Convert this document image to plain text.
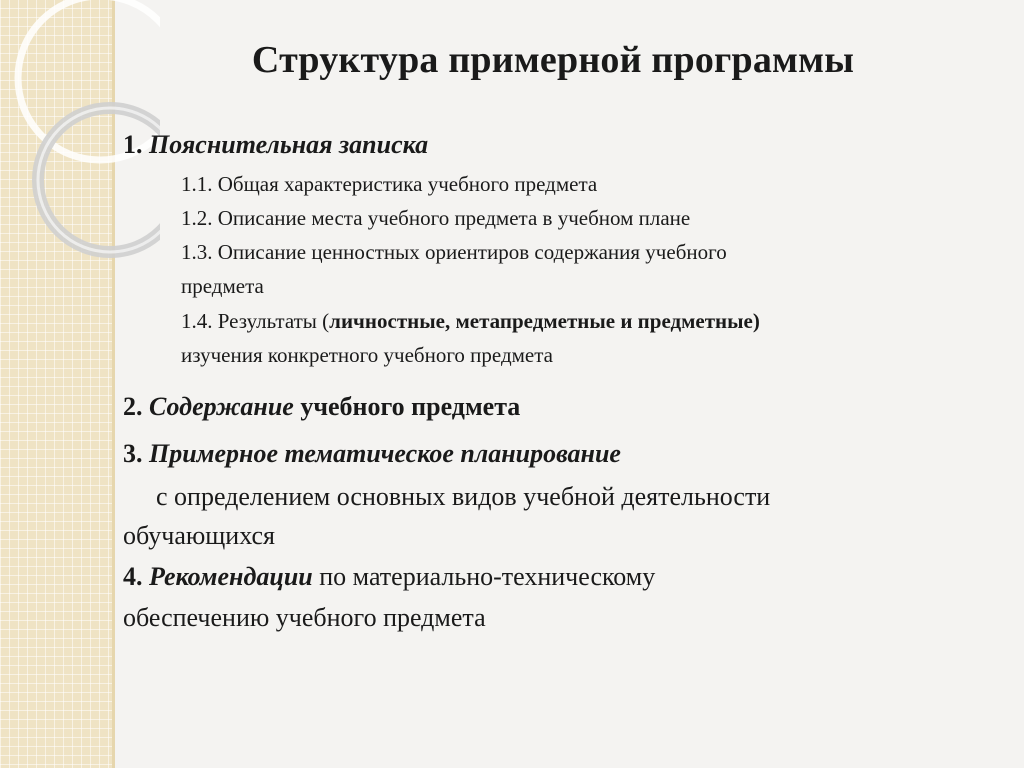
Структура примерной программы

1. Пояснительная записка

1.1. Общая характеристика учебного предмета

1.2. Описание места учебного предмета в учебном плане

1.3. Описание ценностных ориентиров содержания учебного

предмета

1.4. Результаты (личностные, метапредметные и предметные)

изучения конкретного учебного предмета

2. Содержание учебного предмета

3. Примерное тематическое планирование

с определением основных видов учебной деятельности

обучающихся

4. Рекомендации по материально-техническому

обеспечению учебного предмета
